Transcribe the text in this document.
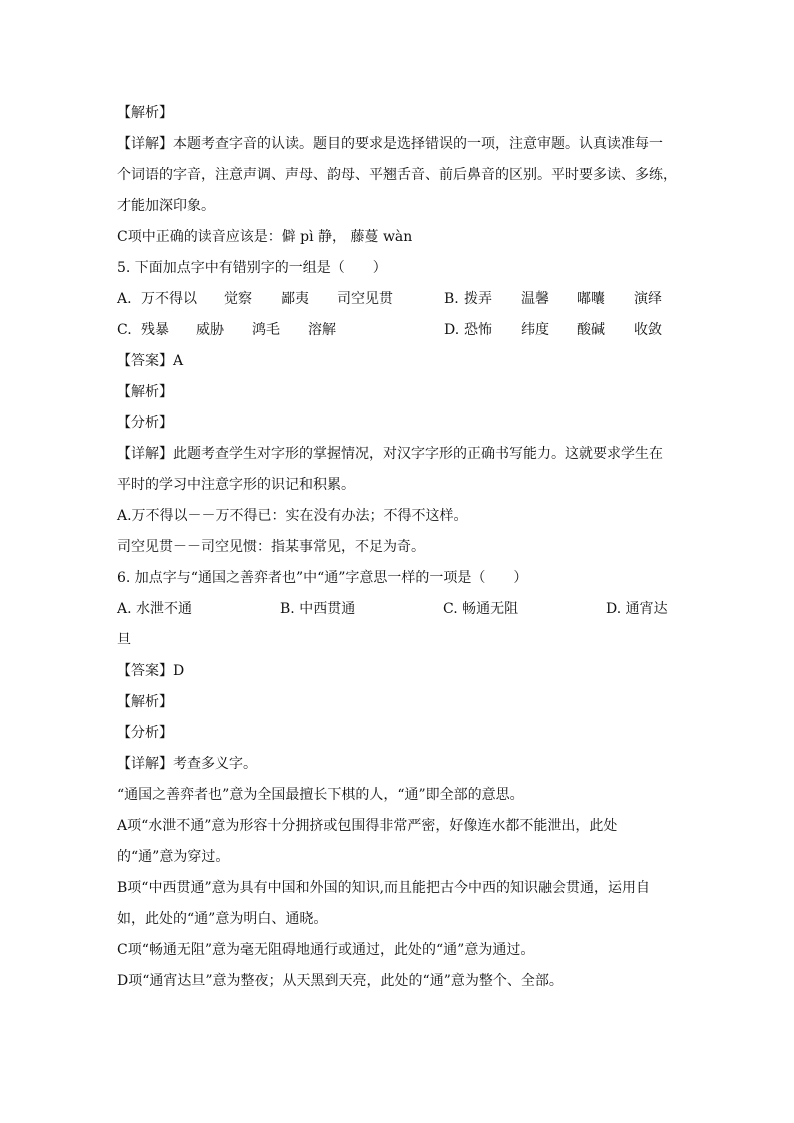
【解析】
【详解】本题考查字音的认读。题目的要求是选择错误的一项，注意审题。认真读准每一
个词语的字音，注意声调、声母、韵母、平翘舌音、前后鼻音的区别。平时要多读、多练，
才能加深印象。
C项中正确的读音应该是：僻 pì 静， 藤蔓 wàn
5. 下面加点字中有错别字的一组是（　　）
【答案】A
【解析】
【分析】
【详解】此题考查学生对字形的掌握情况，对汉字字形的正确书写能力。这就要求学生在
平时的学习中注意字形的识记和积累。
A.万不得以－－万不得已：实在没有办法；不得不这样。
司空见贯－－司空见惯：指某事常见，不足为奇。
6. 加点字与“通国之善弈者也”中“通”字意思一样的一项是（　　）
A. 水泄不通	B. 中西贯通	C. 畅通无阻	D. 通宵达
旦
【答案】D
【解析】
【分析】
【详解】考查多义字。
“通国之善弈者也”意为全国最擅长下棋的人，“通”即全部的意思。
A项“水泄不通”意为形容十分拥挤或包围得非常严密，好像连水都不能泄出，此处
的“通”意为穿过。
B项“中西贯通”意为具有中国和外国的知识,而且能把古今中西的知识融会贯通，运用自
如，此处的“通”意为明白、通晓。
C项“畅通无阻”意为毫无阻碍地通行或通过，此处的“通”意为通过。
D项“通宵达旦”意为整夜；从天黑到天亮，此处的“通”意为整个、全部。
A. 万不得以 觉察 鄙夷 司空见贯	B. 拨弄 温馨 嘟囔 演绎
C. 残暴 威胁 鸿毛 溶解	D. 恐怖 纬度 酸碱 收敛
